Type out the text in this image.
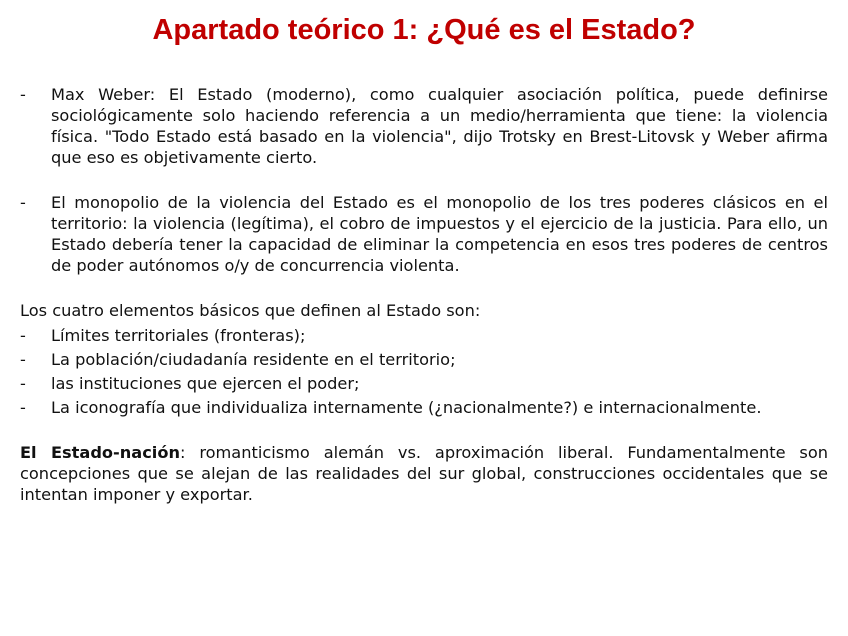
Apartado teórico 1: ¿Qué es el Estado?
-	Max Weber: El Estado (moderno), como cualquier asociación política, puede definirse sociológicamente solo haciendo referencia a un medio/herramienta que tiene: la violencia física. "Todo Estado está basado en la violencia", dijo Trotsky en Brest-Litovsk y Weber afirma que eso es objetivamente cierto.
-	El monopolio de la violencia del Estado es el monopolio de los tres poderes clásicos en el territorio: la violencia (legítima), el cobro de impuestos y el ejercicio de la justicia. Para ello, un Estado debería tener la capacidad de eliminar la competencia en esos tres poderes de centros de poder autónomos o/y de concurrencia violenta.
Los cuatro elementos básicos que definen al Estado son:
-	Límites territoriales (fronteras);
-	La población/ciudadanía residente en el territorio;
-	las instituciones que ejercen el poder;
-	La iconografía que individualiza internamente (¿nacionalmente?) e internacionalmente.
El Estado-nación: romanticismo alemán vs. aproximación liberal. Fundamentalmente son concepciones que se alejan de las realidades del sur global, construcciones occidentales que se intentan imponer y exportar.
